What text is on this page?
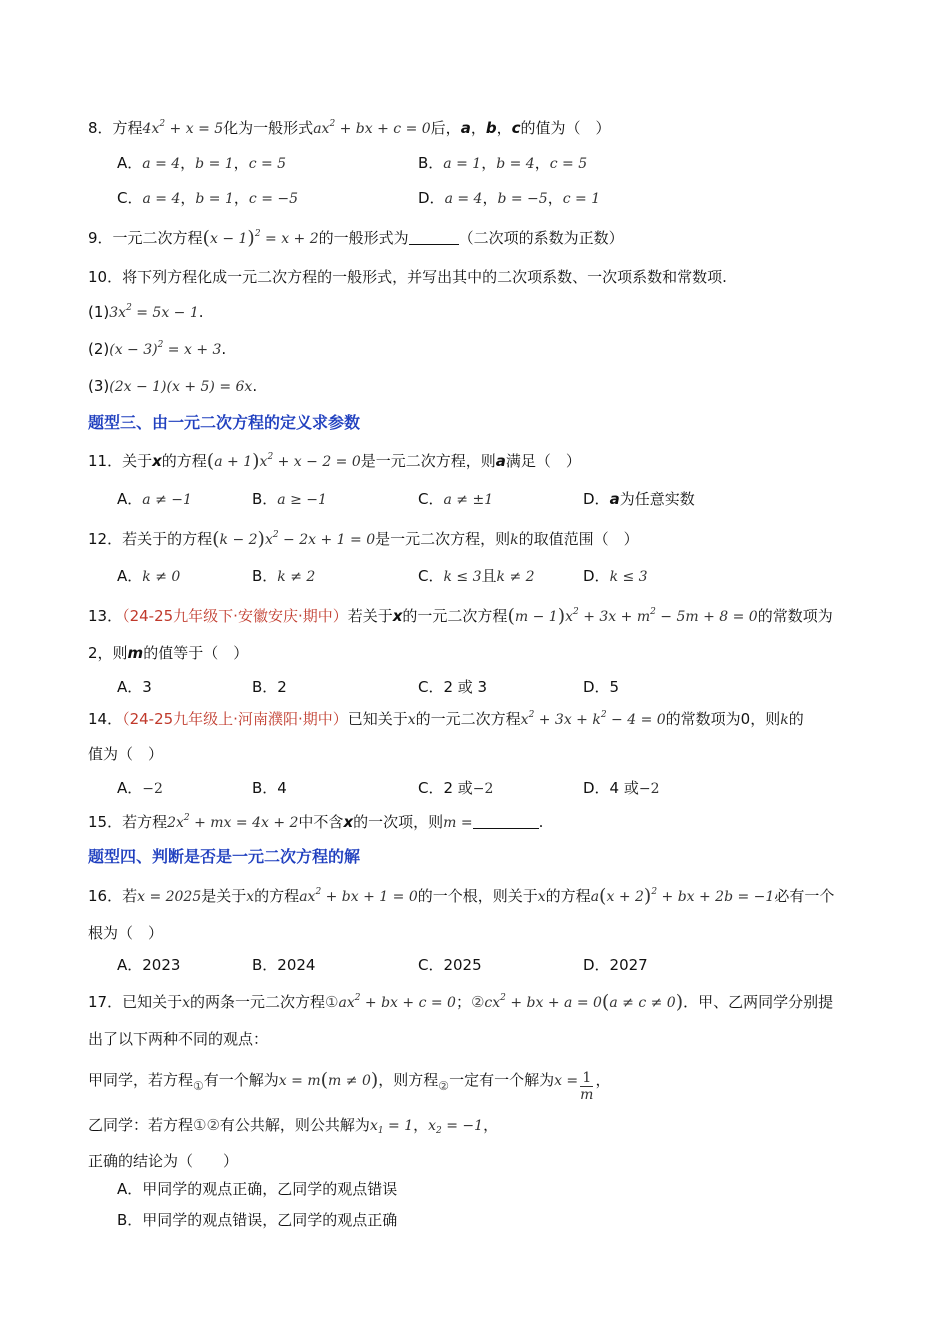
8．方程$4x^2 + x = 5$化为一般形式$ax^2$ + bx + c = 0后，a，b，c的值为（　）
A．a = 4，b = 1，c = 5	B．a = 1，b = 4，c = 5
C．a = 4，b = 1，c = −5	D．a = 4，b = −5，c = 1
9．一元二次方程$(x - 1)^2 = x + 2$的一般形式为	（二次项的系数为正数）
10．将下列方程化成一元二次方程的一般形式，并写出其中的二次项系数、一次项系数和常数项.
$(1)3x^2 = 5x - 1$.
$(2)(x - 3)^2 = x + 3$.
(3)(2x − 1)(x + 5) = 6x.
题型三、由一元二次方程的定义求参数
11．关于x的方程$(a + 1)x^2 + x - 2 = 0$是一元二次方程，则a满足（　）
A．a ≠ −1	B．a ≥ −1	C．a ≠ ±1	D．a为任意实数
12．若关于的方程$(k - 2)x^2 - 2x + 1 = 0$是一元二次方程，则k的取值范围（　）
A．k ≠ 0	B．k ≠ 2	C．k ≤ 3且k ≠ 2	D．k ≤ 3
13．（24-25九年级下·安徽安庆·期中）若关于x的一元二次方程$(m - 1)x^2 + 3x + m^2 - 5m + 8 = 0$的常数项为
2，则m的值等于（　）
A．3	B．2	C．2 或 3	D．5
14．（24-25九年级上·河南濮阳·期中）已知关于x的一元二次方程$x^2 + 3x + k^2 - 4 = 0$的常数项为0，则k的
值为（　）
A．−2	B．4	C．2 或−2	D．4 或−2
15．若方程$2x^2$ + mx = 4x + 2中不含x的一次项，则m =	.
题型四、判断是否是一元二次方程的解
16．若x = 2025是关于x的方程$ax^2$ + bx + 1 = 0的一个根，则关于x的方程$a(x + 2)^2$ + bx + 2b = −1必有一个
根为（　）
A．2023	B．2024	C．2025	D．2027
17．已知关于x的两条一元二次方程$①ax^2$ + bx + c = 0；$②cx^2$ + bx + a = 0(a ≠ c ≠ 0)．甲、乙两同学分别提
出了以下两种不同的观点：
甲同学，若方程$_①$有一个解为x = m(m ≠ 0)，则方程$_②$一定有一个解为$x = \frac{1}{m}$ ，
乙同学：若方程①②有公共解，则公共解为$x_1 = 1$，$x_2 = -1$，
正确的结论为（　　）
A．甲同学的观点正确，乙同学的观点错误
B．甲同学的观点错误，乙同学的观点正确
